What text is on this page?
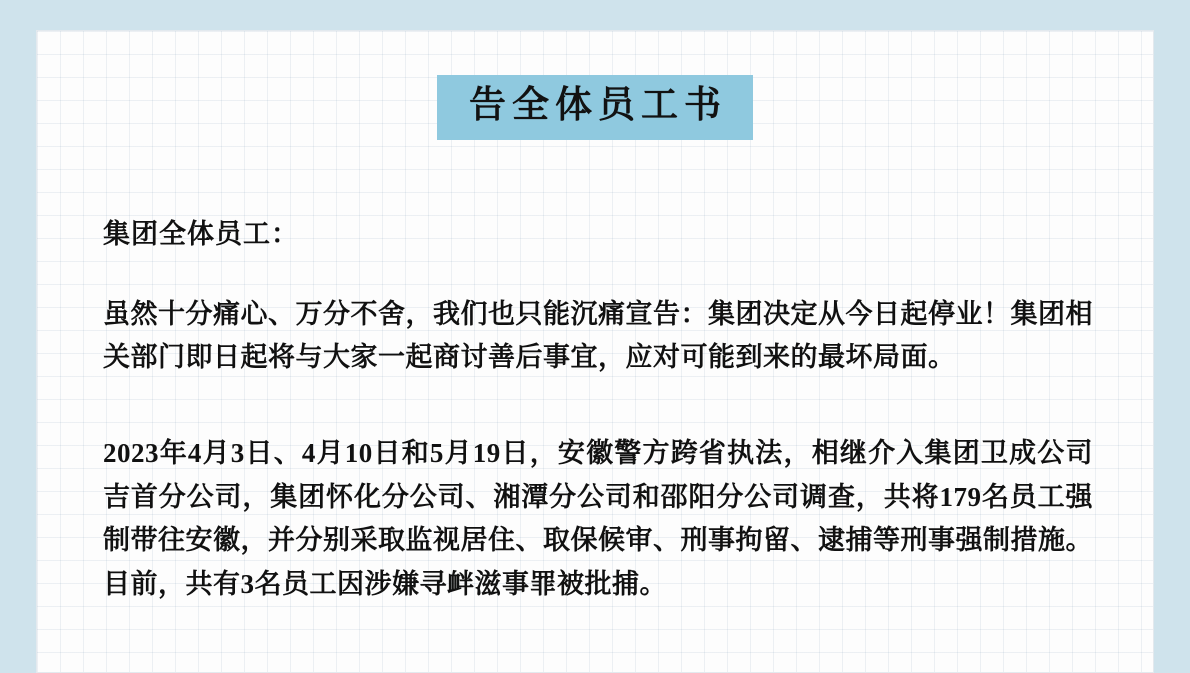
告全体员工书
集团全体员工：
虽然十分痛心、万分不舍，我们也只能沉痛宣告：集团决定从今日起停业！集团相关部门即日起将与大家一起商讨善后事宜，应对可能到来的最坏局面。
2023年4月3日、4月10日和5月19日，安徽警方跨省执法，相继介入集团卫成公司吉首分公司，集团怀化分公司、湘潭分公司和邵阳分公司调查，共将179名员工强制带往安徽，并分别采取监视居住、取保候审、刑事拘留、逮捕等刑事强制措施。目前，共有3名员工因涉嫌寻衅滋事罪被批捕。
